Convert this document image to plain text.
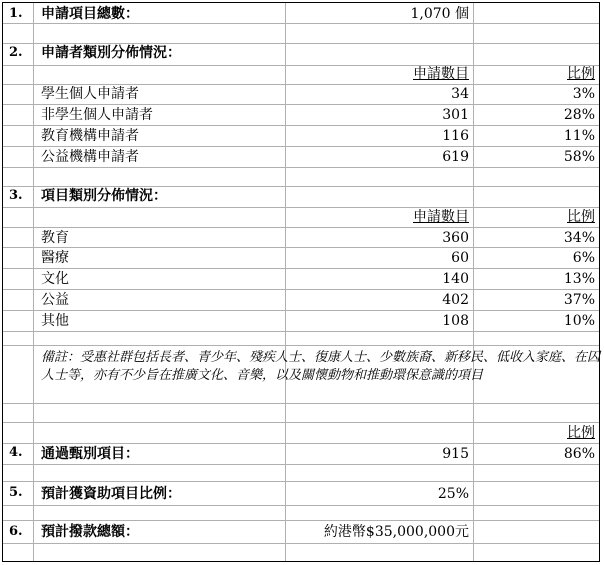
1. 申請項目總數：	1,070 個
2. 申請者類別分佈情況：
申請數目	比例
學生個人申請者	34	3%
非學生個人申請者	301	28%
教育機構申請者	116	11%
公益機構申請者	619	58%
3. 項目類別分佈情況：
申請數目	比例
教育	360	34%
醫療	60	6%
文化	140	13%
公益	402	37%
其他	108	10%
備註：受惠社群包括長者、青少年、殘疾人士、復康人士、少數族裔、新移民、低收入家庭、在囚人士等，亦有不少旨在推廣文化、音樂，以及關懷動物和推動環保意識的項目
比例
4. 通過甄別項目：	915	86%
5. 預計獲資助項目比例：	25%
6. 預計撥款總額：	約港幣$35,000,000元
